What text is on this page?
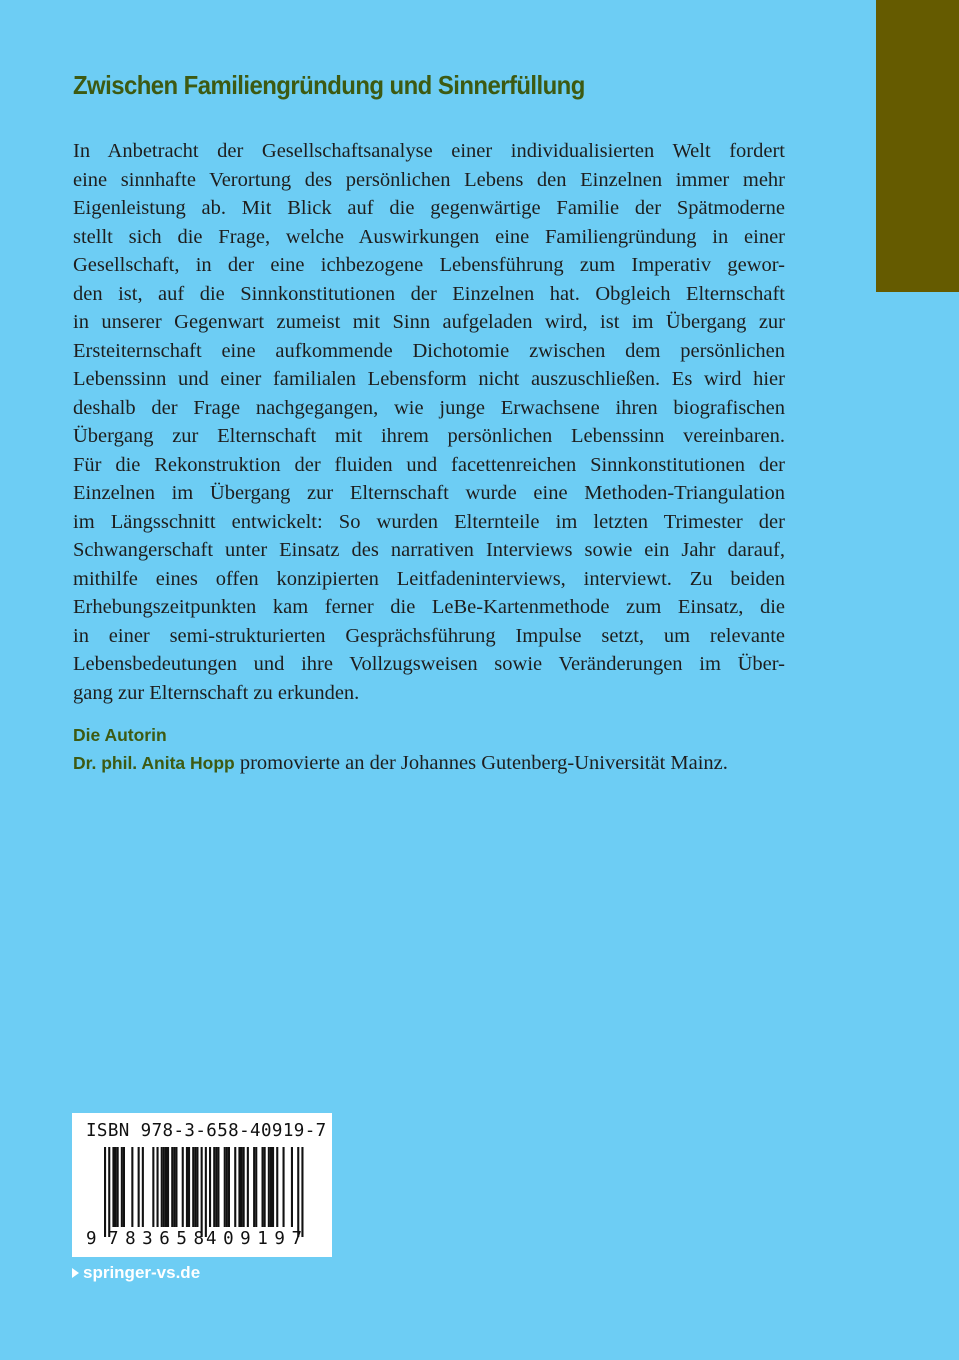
Zwischen Familiengründung und Sinnerfüllung
In Anbetracht der Gesellschaftsanalyse einer individualisierten Welt fordert
eine sinnhafte Verortung des persönlichen Lebens den Einzelnen immer mehr
Eigenleistung ab. Mit Blick auf die gegenwärtige Familie der Spätmoderne
stellt sich die Frage, welche Auswirkungen eine Familiengründung in einer
Gesellschaft, in der eine ichbezogene Lebensführung zum Imperativ gewor-
den ist, auf die Sinnkonstitutionen der Einzelnen hat. Obgleich Elternschaft
in unserer Gegenwart zumeist mit Sinn aufgeladen wird, ist im Übergang zur
Ersteiternschaft eine aufkommende Dichotomie zwischen dem persönlichen
Lebenssinn und einer familialen Lebensform nicht auszuschließen. Es wird hier
deshalb der Frage nachgegangen, wie junge Erwachsene ihren biografischen
Übergang zur Elternschaft mit ihrem persönlichen Lebenssinn vereinbaren.
Für die Rekonstruktion der fluiden und facettenreichen Sinnkonstitutionen der
Einzelnen im Übergang zur Elternschaft wurde eine Methoden-Triangulation
im Längsschnitt entwickelt: So wurden Elternteile im letzten Trimester der
Schwangerschaft unter Einsatz des narrativen Interviews sowie ein Jahr darauf,
mithilfe eines offen konzipierten Leitfadeninterviews, interviewt. Zu beiden
Erhebungszeitpunkten kam ferner die LeBe-Kartenmethode zum Einsatz, die
in einer semi-strukturierten Gesprächsführung Impulse setzt, um relevante
Lebensbedeutungen und ihre Vollzugsweisen sowie Veränderungen im Über-
gang zur Elternschaft zu erkunden.
Die Autorin
Dr. phil. Anita Hopp promovierte an der Johannes Gutenberg-Universität Mainz.
ISBN 978-3-658-40919-7
9 783658 409197
springer-vs.de
